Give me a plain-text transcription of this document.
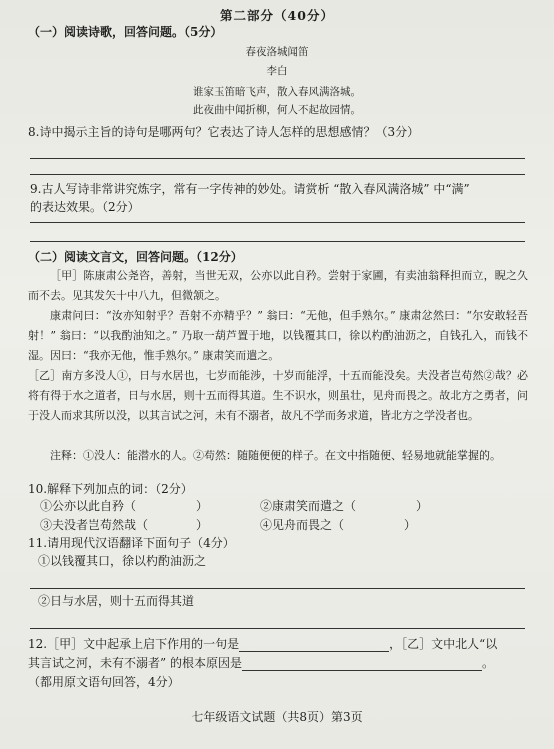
第二部分（40分）
（一）阅读诗歌，回答问题。（5分）
春夜洛城闻笛
李白
谁家玉笛暗飞声，散入春风满洛城。
此夜曲中闻折柳，何人不起故园情。
8.诗中揭示主旨的诗句是哪两句？它表达了诗人怎样的思想感情？（3分）
9.古人写诗非常讲究炼字，常有一字传神的妙处。请赏析 “散入春风满洛城” 中“满”
的表达效果。（2分）
（二）阅读文言文，回答问题。（12分）
［甲］陈康肃公尧咨，善射，当世无双，公亦以此自矜。尝射于家圃，有卖油翁释担而立，睨之久而不去。见其发矢十中八九，但微颔之。
康肃问曰：“汝亦知射乎？吾射不亦精乎？” 翁曰：“无他，但手熟尔。” 康肃忿然曰：“尔安敢轻吾射！” 翁曰：“以我酌油知之。” 乃取一葫芦置于地，以钱覆其口，徐以杓酌油沥之，自钱孔入，而钱不湿。因曰：“我亦无他，惟手熟尔。” 康肃笑而遣之。
［乙］南方多没人①，日与水居也，七岁而能涉，十岁而能浮，十五而能没矣。夫没者岂苟然②哉？必将有得于水之道者，日与水居，则十五而得其道。生不识水，则虽壮，见舟而畏之。故北方之勇者，问于没人而求其所以没，以其言试之河，未有不溺者，故凡不学而务求道，皆北方之学没者也。
注释：①没人：能潜水的人。②苟然：随随便便的样子。在文中指随便、轻易地就能掌握的。
10.解释下列加点的词：（2分）
①公亦以此自矜（　　　　　）	②康肃笑而遣之（　　　　　）
③夫没者岂苟然哉（　　　　）	④见舟而畏之（　　　　　）
11.请用现代汉语翻译下面句子（4分）
①以钱覆其口，徐以杓酌油沥之
②日与水居，则十五而得其道
12.［甲］文中起承上启下作用的一句是	，［乙］文中北人“以
其言试之河，未有不溺者” 的根本原因是	。
（都用原文语句回答，4分）
七年级语文试题（共8页）第3页
